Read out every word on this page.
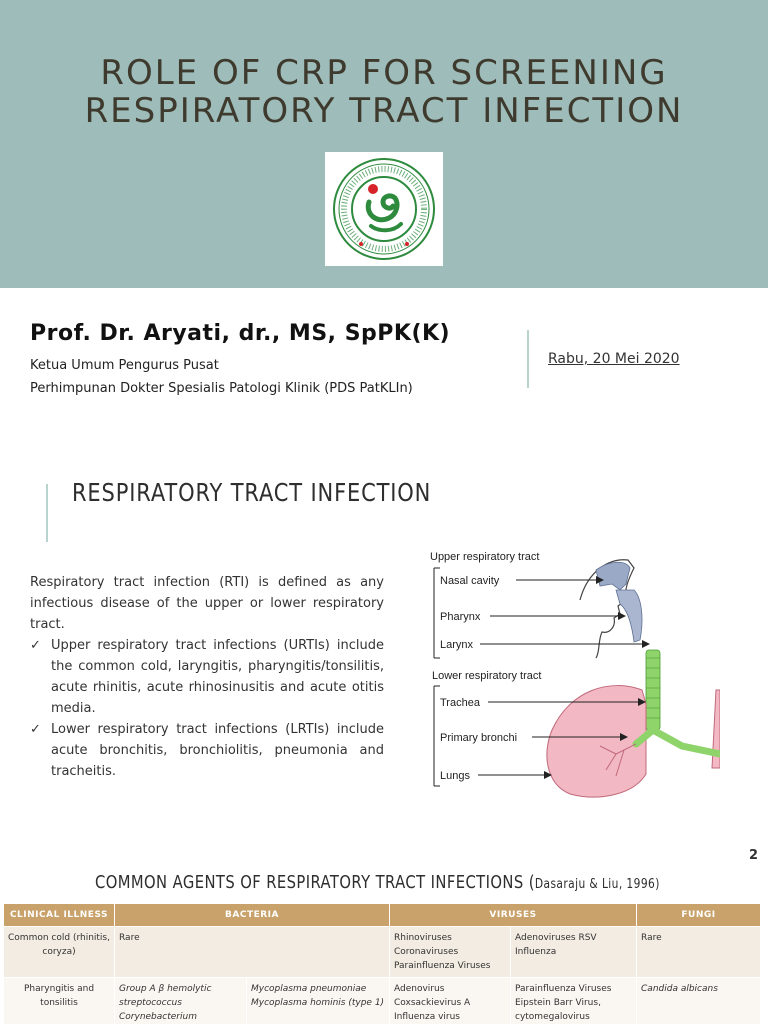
ROLE OF CRP FOR SCREENING
RESPIRATORY TRACT INFECTION
Prof. Dr. Aryati, dr., MS, SpPK(K)
Ketua Umum Pengurus Pusat
Perhimpunan Dokter Spesialis Patologi Klinik (PDS PatKLIn)
Rabu, 20 Mei 2020
RESPIRATORY TRACT INFECTION

Respiratory tract infection (RTI) is defined as any infectious disease of the upper or lower respiratory tract.

✓ Upper respiratory tract infections (URTIs) include the common cold, laryngitis, pharyngitis/tonsilitis, acute rhinitis, acute rhinosinusitis and acute otitis media.
✓ Lower respiratory tract infections (LRTIs) include acute bronchitis, bronchiolitis, pneumonia and tracheitis.
Upper respiratory tract
Nasal cavity
Pharynx
Larynx
Lower respiratory tract
Trachea
Primary bronchi
Lungs
2
COMMON AGENTS OF RESPIRATORY TRACT INFECTIONS (Dasaraju & Liu, 1996)
CLINICAL ILLNESS	BACTERIA		VIRUSES		FUNGI
Common cold (rhinitis, coryza)	Rare		Rhinoviruses Coronaviruses Parainfluenza Viruses	Adenoviruses RSV Influenza	Rare
Pharyngitis and tonsilitis	Group A β hemolytic streptococcus Corynebacterium	Mycoplasma pneumoniae Mycoplasma hominis (type 1)	Adenovirus Coxsackievirus A Influenza virus	Parainfluenza Viruses Eipstein Barr Virus, cytomegalovirus	Candida albicans
